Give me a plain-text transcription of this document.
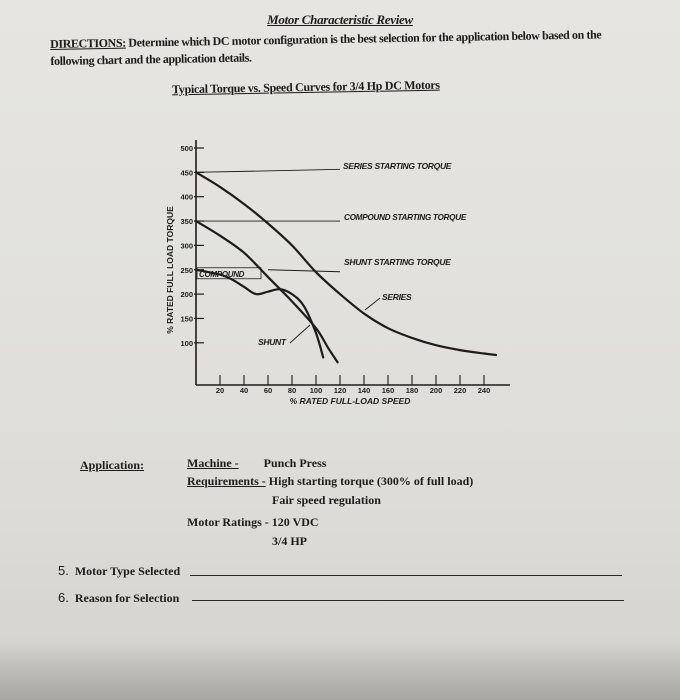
Motor Characteristic Review
DIRECTIONS: Determine which DC motor configuration is the best selection for the application below based on the following chart and the application details.
Typical Torque vs. Speed Curves for 3/4 Hp DC Motors
500
450
400
350
300
250
200
150
100
20 40 60 80 100 120 140 160 180 200 220 240
SERIES STARTING TORQUE
COMPOUND STARTING TORQUE
SHUNT STARTING TORQUE
SERIES
SHUNT
COMPOUND
% RATED FULL LOAD TORQUE
% RATED FULL-LOAD SPEED
Application:	Machine - Punch Press
Requirements - High starting torque (300% of full load)
Fair speed regulation
Motor Ratings - 120 VDC
3/4 HP
5. Motor Type Selected
6. Reason for Selection
